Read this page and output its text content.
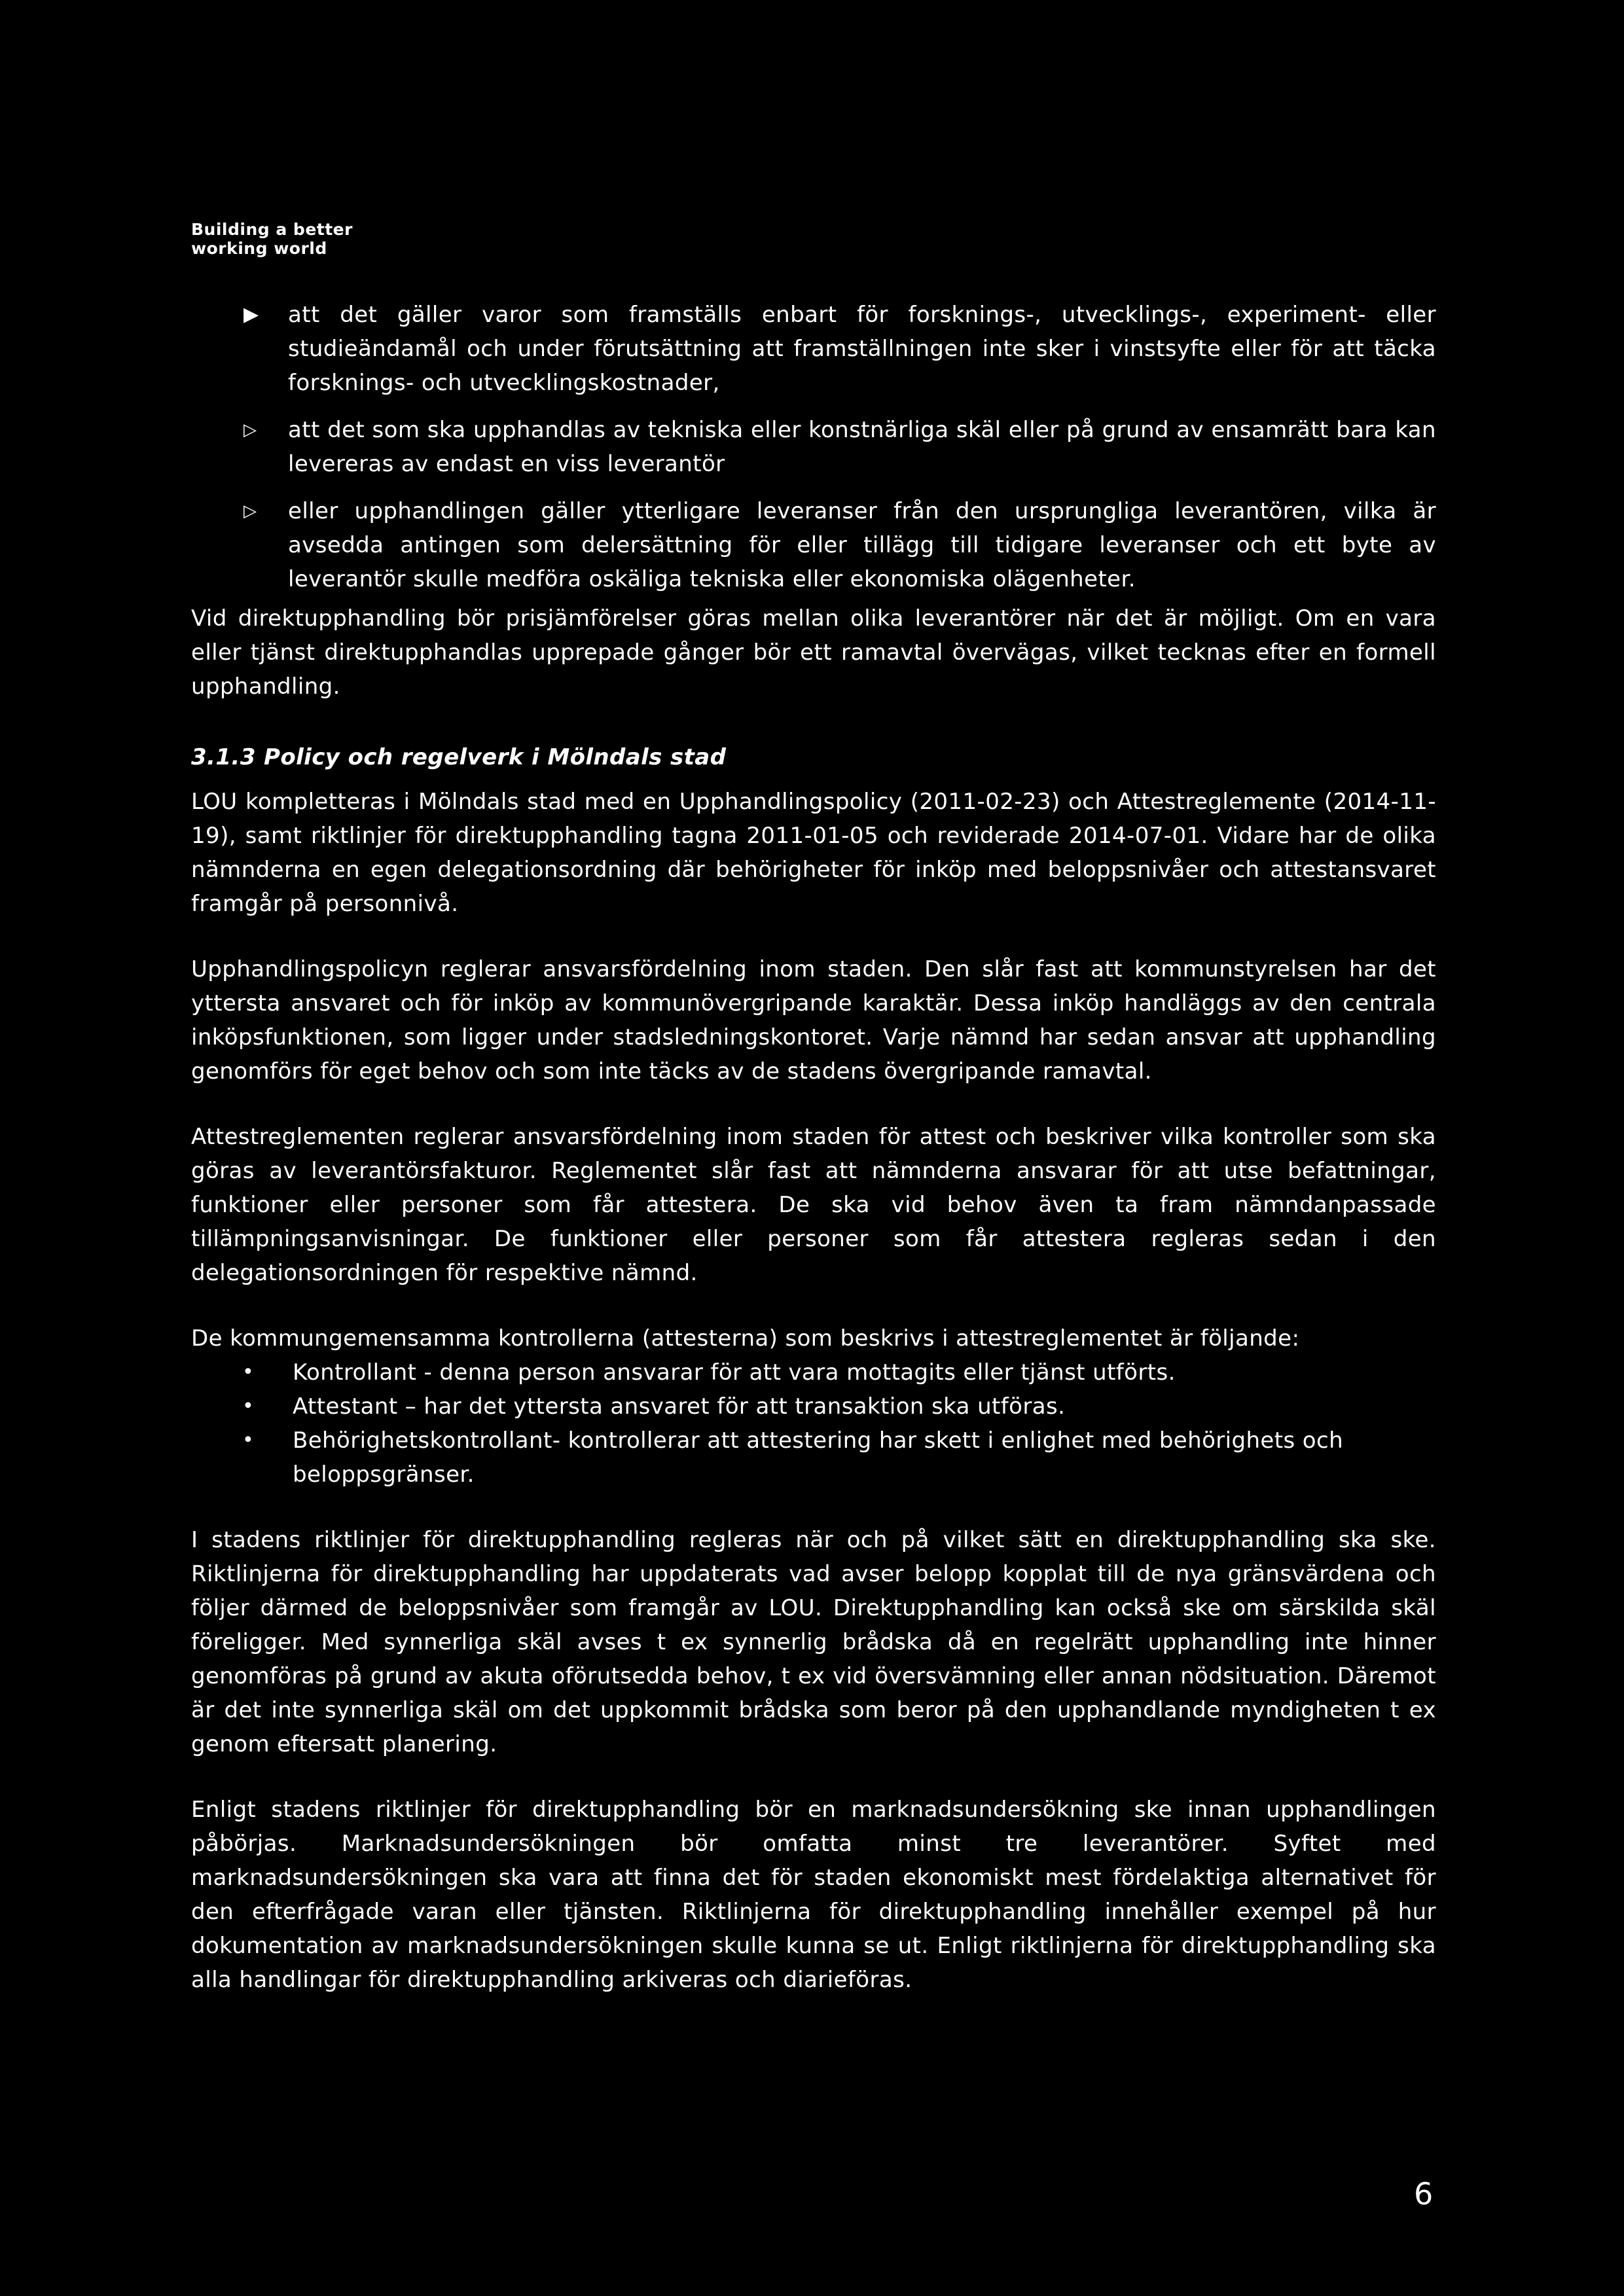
Building a better
working world
▶ att det gäller varor som framställs enbart för forsknings-, utvecklings-, experiment- eller studieändamål och under förutsättning att framställningen inte sker i vinstsyfte eller för att täcka forsknings- och utvecklingskostnader,
▷ att det som ska upphandlas av tekniska eller konstnärliga skäl eller på grund av ensamrätt bara kan levereras av endast en viss leverantör
▷ eller upphandlingen gäller ytterligare leveranser från den ursprungliga leverantören, vilka är avsedda antingen som delersättning för eller tillägg till tidigare leveranser och ett byte av leverantör skulle medföra oskäliga tekniska eller ekonomiska olägenheter.

Vid direktupphandling bör prisjämförelser göras mellan olika leverantörer när det är möjligt. Om en vara eller tjänst direktupphandlas upprepade gånger bör ett ramavtal övervägas, vilket tecknas efter en formell upphandling.

3.1.3 Policy och regelverk i Mölndals stad

LOU kompletteras i Mölndals stad med en Upphandlingspolicy (2011-02-23) och Attestreglemente (2014-11-19), samt riktlinjer för direktupphandling tagna 2011-01-05 och reviderade 2014-07-01. Vidare har de olika nämnderna en egen delegationsordning där behörigheter för inköp med beloppsnivåer och attestansvaret framgår på personnivå.

Upphandlingspolicyn reglerar ansvarsfördelning inom staden. Den slår fast att kommunstyrelsen har det yttersta ansvaret och för inköp av kommunövergripande karaktär. Dessa inköp handläggs av den centrala inköpsfunktionen, som ligger under stadsledningskontoret. Varje nämnd har sedan ansvar att upphandling genomförs för eget behov och som inte täcks av de stadens övergripande ramavtal.

Attestreglementen reglerar ansvarsfördelning inom staden för attest och beskriver vilka kontroller som ska göras av leverantörsfakturor. Reglementet slår fast att nämnderna ansvarar för att utse befattningar, funktioner eller personer som får attestera. De ska vid behov även ta fram nämndanpassade tillämpningsanvisningar. De funktioner eller personer som får attestera regleras sedan i den delegationsordningen för respektive nämnd.

De kommungemensamma kontrollerna (attesterna) som beskrivs i attestreglementet är följande:

• Kontrollant - denna person ansvarar för att vara mottagits eller tjänst utförts.
• Attestant – har det yttersta ansvaret för att transaktion ska utföras.
• Behörighetskontrollant- kontrollerar att attestering har skett i enlighet med behörighets och beloppsgränser.

I stadens riktlinjer för direktupphandling regleras när och på vilket sätt en direktupphandling ska ske. Riktlinjerna för direktupphandling har uppdaterats vad avser belopp kopplat till de nya gränsvärdena och följer därmed de beloppsnivåer som framgår av LOU. Direktupphandling kan också ske om särskilda skäl föreligger. Med synnerliga skäl avses t ex synnerlig brådska då en regelrätt upphandling inte hinner genomföras på grund av akuta oförutsedda behov, t ex vid översvämning eller annan nödsituation. Däremot är det inte synnerliga skäl om det uppkommit brådska som beror på den upphandlande myndigheten t ex genom eftersatt planering.

Enligt stadens riktlinjer för direktupphandling bör en marknadsundersökning ske innan upphandlingen påbörjas. Marknadsundersökningen bör omfatta minst tre leverantörer. Syftet med marknadsundersökningen ska vara att finna det för staden ekonomiskt mest fördelaktiga alternativet för den efterfrågade varan eller tjänsten. Riktlinjerna för direktupphandling innehåller exempel på hur dokumentation av marknadsundersökningen skulle kunna se ut. Enligt riktlinjerna för direktupphandling ska alla handlingar för direktupphandling arkiveras och diarieföras.

6
